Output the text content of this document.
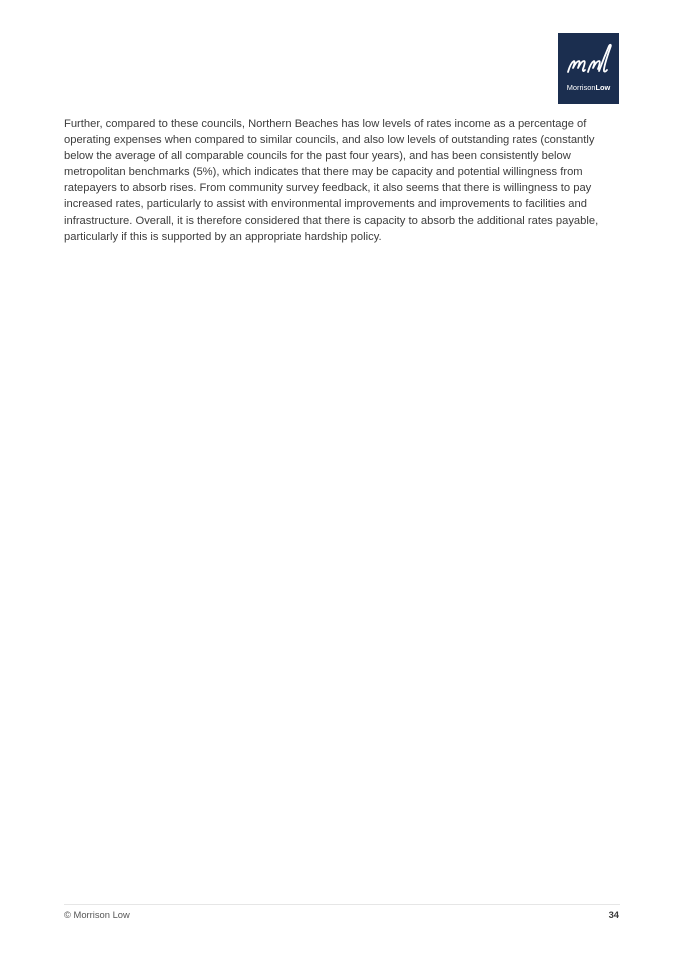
MorrisonLow

Further, compared to these councils, Northern Beaches has low levels of rates income as a percentage of operating expenses when compared to similar councils, and also low levels of outstanding rates (constantly below the average of all comparable councils for the past four years), and has been consistently below metropolitan benchmarks (5%), which indicates that there may be capacity and potential willingness from ratepayers to absorb rises. From community survey feedback, it also seems that there is willingness to pay increased rates, particularly to assist with environmental improvements and improvements to facilities and infrastructure. Overall, it is therefore considered that there is capacity to absorb the additional rates payable, particularly if this is supported by an appropriate hardship policy.

© Morrison Low	34
